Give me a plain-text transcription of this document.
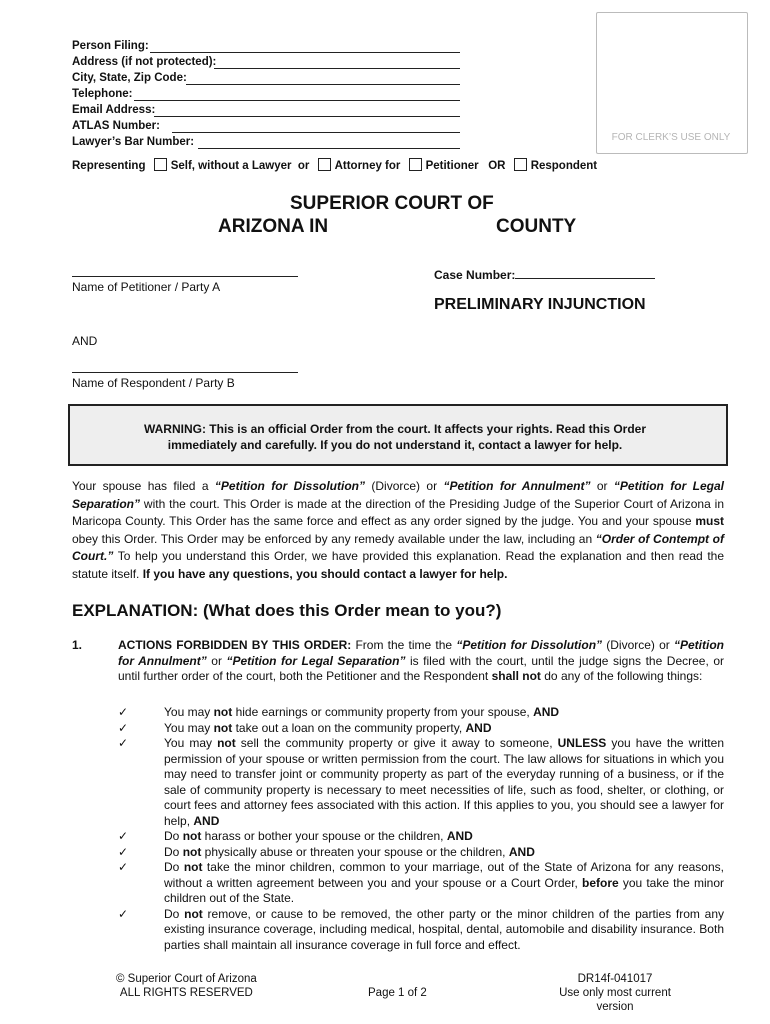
Person Filing:
Address (if not protected):
City, State, Zip Code:
Telephone:
Email Address:
ATLAS Number:
Lawyer’s Bar Number:	FOR CLERK’S USE ONLY
Representing Self, without a Lawyer or Attorney for Petitioner OR Respondent
SUPERIOR COURT OF
ARIZONA IN	COUNTY
Name of Petitioner / Party A
AND
Name of Respondent / Party B
Case Number:
PRELIMINARY INJUNCTION
WARNING: This is an official Order from the court. It affects your rights. Read this Order
immediately and carefully. If you do not understand it, contact a lawyer for help.
Your spouse has filed a “Petition for Dissolution” (Divorce) or “Petition for Annulment” or “Petition for Legal Separation” with the court. This Order is made at the direction of the Presiding Judge of the Superior Court of Arizona in Maricopa County. This Order has the same force and effect as any order signed by the judge. You and your spouse must obey this Order. This Order may be enforced by any remedy available under the law, including an “Order of Contempt of Court.” To help you understand this Order, we have provided this explanation. Read the explanation and then read the statute itself. If you have any questions, you should contact a lawyer for help.
EXPLANATION: (What does this Order mean to you?)
1.	ACTIONS FORBIDDEN BY THIS ORDER: From the time the “Petition for Dissolution” (Divorce) or “Petition for Annulment” or “Petition for Legal Separation” is filed with the court, until the judge signs the Decree, or until further order of the court, both the Petitioner and the Respondent shall not do any of the following things:
✓	You may not hide earnings or community property from your spouse, AND
✓	You may not take out a loan on the community property, AND
✓	You may not sell the community property or give it away to someone, UNLESS you have the written permission of your spouse or written permission from the court. The law allows for situations in which you may need to transfer joint or community property as part of the everyday running of a business, or if the sale of community property is necessary to meet necessities of life, such as food, shelter, or clothing, or court fees and attorney fees associated with this action. If this applies to you, you should see a lawyer for help, AND
✓	Do not harass or bother your spouse or the children, AND
✓	Do not physically abuse or threaten your spouse or the children, AND
✓	Do not take the minor children, common to your marriage, out of the State of Arizona for any reasons, without a written agreement between you and your spouse or a Court Order, before you take the minor children out of the State.
✓	Do not remove, or cause to be removed, the other party or the minor children of the parties from any existing insurance coverage, including medical, hospital, dental, automobile and disability insurance. Both parties shall maintain all insurance coverage in full force and effect.
© Superior Court of Arizona
ALL RIGHTS RESERVED	Page 1 of 2
DR14f-041017
Use only most current version
